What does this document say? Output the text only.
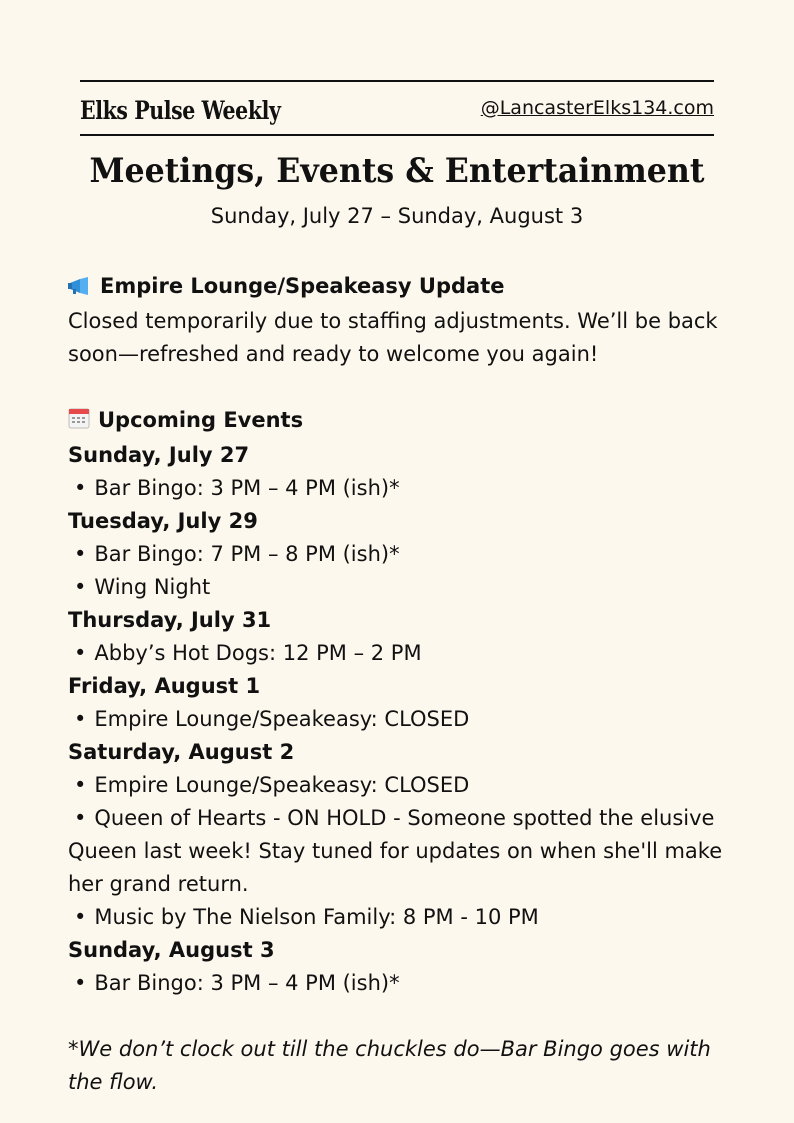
Elks Pulse Weekly	@LancasterElks134.com
Meetings, Events & Entertainment
Sunday, July 27 – Sunday, August 3
Empire Lounge/Speakeasy Update
Closed temporarily due to staffing adjustments. We’ll be back soon—refreshed and ready to welcome you again!
Upcoming Events
Sunday, July 27
• Bar Bingo: 3 PM – 4 PM (ish)*
Tuesday, July 29
• Bar Bingo: 7 PM – 8 PM (ish)*
• Wing Night
Thursday, July 31
• Abby’s Hot Dogs: 12 PM – 2 PM
Friday, August 1
• Empire Lounge/Speakeasy: CLOSED
Saturday, August 2
• Empire Lounge/Speakeasy: CLOSED
• Queen of Hearts - ON HOLD - Someone spotted the elusive Queen last week! Stay tuned for updates on when she'll make her grand return.
• Music by The Nielson Family: 8 PM - 10 PM
Sunday, August 3
• Bar Bingo: 3 PM – 4 PM (ish)*
*We don’t clock out till the chuckles do—Bar Bingo goes with the flow.
